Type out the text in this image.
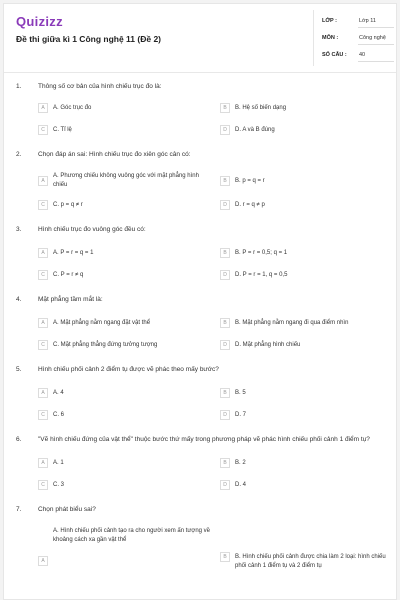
Quizizz
Đề thi giữa kì 1 Công nghệ 11 (Đề 2)
LỚP :	Lớp 11
MÔN :	Công nghệ
SỐ CÂU : 40
1.	Thông số cơ bản của hình chiếu trục đo là:
A	A. Góc trục đo	B	B. Hệ số biến dạng
C	C. Tỉ lệ	D	D. A và B đúng
2.	Chọn đáp án sai: Hình chiếu trục đo xiên góc cân có:
A
A. Phương chiếu không vuông góc với mặt phẳng hình chiếu
B	B. p = q = r
C	C. p = q ≠ r	D	D. r = q ≠ p
3.	Hình chiếu trục đo vuông góc đều có:
A	A. P = r = q = 1	B	B. P = r = 0,5; q = 1
C	C. P = r ≠ q	D	D. P = r = 1, q = 0,5
4.	Mặt phẳng tầm mắt là:
A	A. Mặt phẳng nằm ngang đặt vật thể	B	B. Mặt phẳng nằm ngang đi qua điểm nhìn
C	C. Mặt phẳng thẳng đứng tưởng tượng	D	D. Mặt phẳng hình chiếu
5.	Hình chiếu phối cảnh 2 điểm tụ được vẽ phác theo mấy bước?
A	A. 4	B	B. 5
C	C. 6	D	D. 7
6.	"Vẽ hình chiếu đứng của vật thể" thuộc bước thứ mấy trong phương pháp vẽ phác hình chiếu phối cảnh 1 điểm tụ?
A	A. 1	B	B. 2
C	C. 3	D	D. 4
7.	Chọn phát biểu sai?
A
A. Hình chiếu phối cảnh tạo ra cho người xem ấn tượng về khoảng cách xa gần vật thể
B	B. Hình chiếu phối cảnh được chia làm 2 loại: hình chiếu phối cảnh 1 điểm tụ và 2 điểm tụ
